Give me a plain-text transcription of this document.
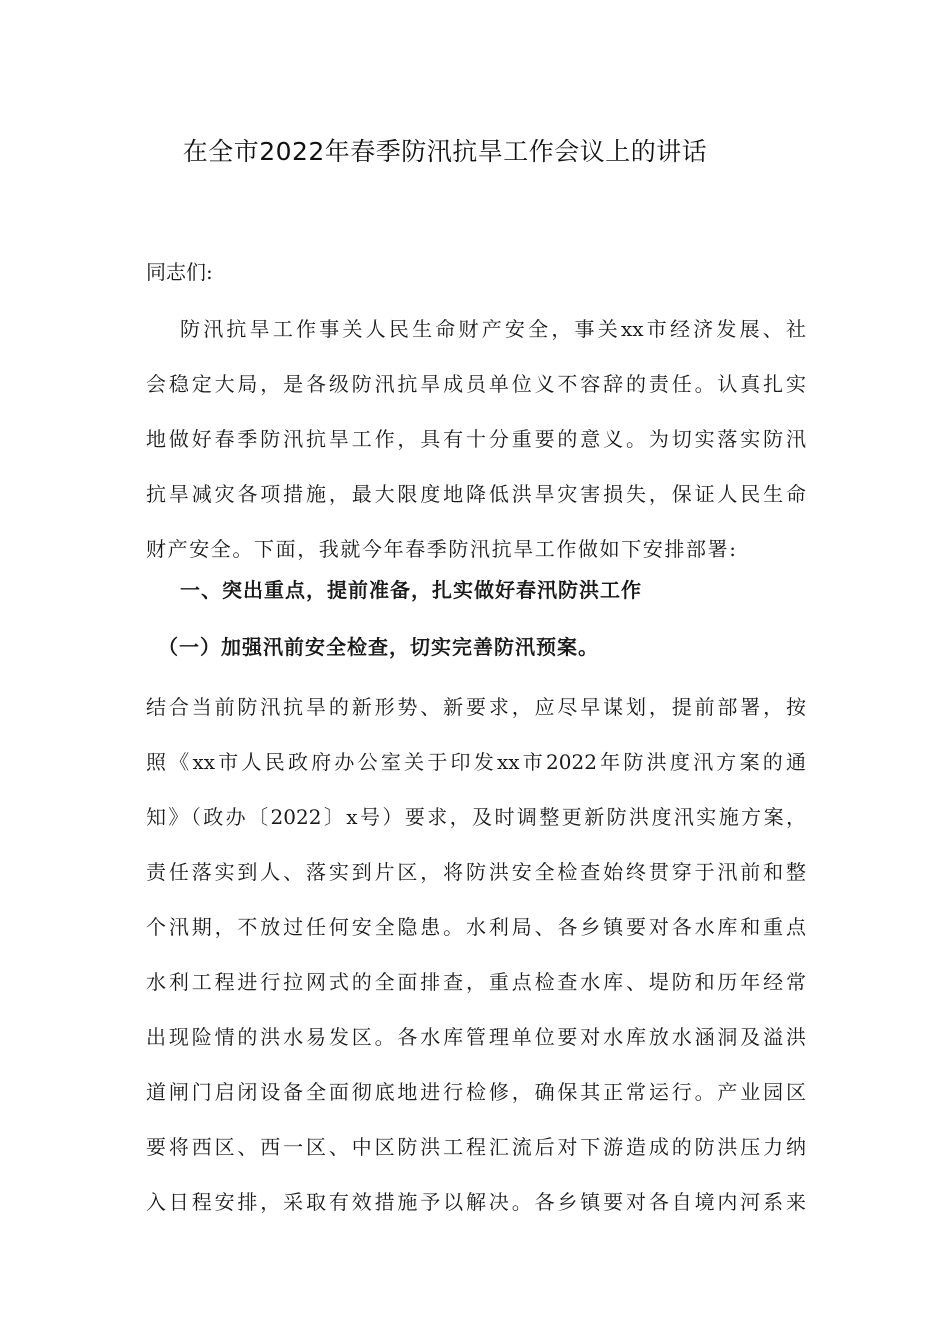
在全市2022年春季防汛抗旱工作会议上的讲话

同志们:

防汛抗旱工作事关人民生命财产安全，事关xx市经济发展、社

会稳定大局，是各级防汛抗旱成员单位义不容辞的责任。认真扎实

地做好春季防汛抗旱工作，具有十分重要的意义。为切实落实防汛

抗旱减灾各项措施，最大限度地降低洪旱灾害损失，保证人民生命

财产安全。下面，我就今年春季防汛抗旱工作做如下安排部署:

一、突出重点，提前准备，扎实做好春汛防洪工作

（一）加强汛前安全检查，切实完善防汛预案。

结合当前防汛抗旱的新形势、新要求，应尽早谋划，提前部署，按

照《xx市人民政府办公室关于印发xx市2022年防洪度汛方案的通

知》（政办〔2022〕x号）要求，及时调整更新防洪度汛实施方案，

责任落实到人、落实到片区，将防洪安全检查始终贯穿于汛前和整

个汛期，不放过任何安全隐患。水利局、各乡镇要对各水库和重点

水利工程进行拉网式的全面排查，重点检查水库、堤防和历年经常

出现险情的洪水易发区。各水库管理单位要对水库放水涵洞及溢洪

道闸门启闭设备全面彻底地进行检修，确保其正常运行。产业园区

要将西区、西一区、中区防洪工程汇流后对下游造成的防洪压力纳

入日程安排，采取有效措施予以解决。各乡镇要对各自境内河系来
